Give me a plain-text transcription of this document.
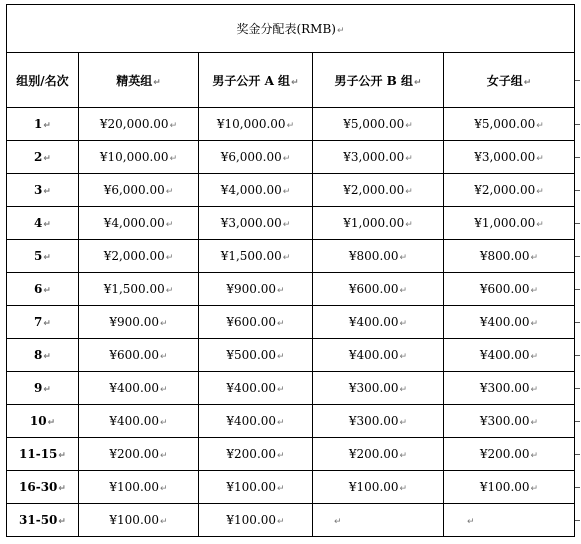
奖金分配表(RMB)↵				
组别/名次	精英组↵	男子公开 A 组↵	男子公开 B 组↵	女子组↵
1↵	¥20,000.00↵	¥10,000.00↵	¥5,000.00↵	¥5,000.00↵
2↵	¥10,000.00↵	¥6,000.00↵	¥3,000.00↵	¥3,000.00↵
3↵	¥6,000.00↵	¥4,000.00↵	¥2,000.00↵	¥2,000.00↵
4↵	¥4,000.00↵	¥3,000.00↵	¥1,000.00↵	¥1,000.00↵
5↵	¥2,000.00↵	¥1,500.00↵	¥800.00↵	¥800.00↵
6↵	¥1,500.00↵	¥900.00↵	¥600.00↵	¥600.00↵
7↵	¥900.00↵	¥600.00↵	¥400.00↵	¥400.00↵
8↵	¥600.00↵	¥500.00↵	¥400.00↵	¥400.00↵
9↵	¥400.00↵	¥400.00↵	¥300.00↵	¥300.00↵
10↵	¥400.00↵	¥400.00↵	¥300.00↵	¥300.00↵
11-15↵	¥200.00↵	¥200.00↵	¥200.00↵	¥200.00↵
16-30↵	¥100.00↵	¥100.00↵	¥100.00↵	¥100.00↵
31-50↵	¥100.00↵	¥100.00↵	↵	↵
